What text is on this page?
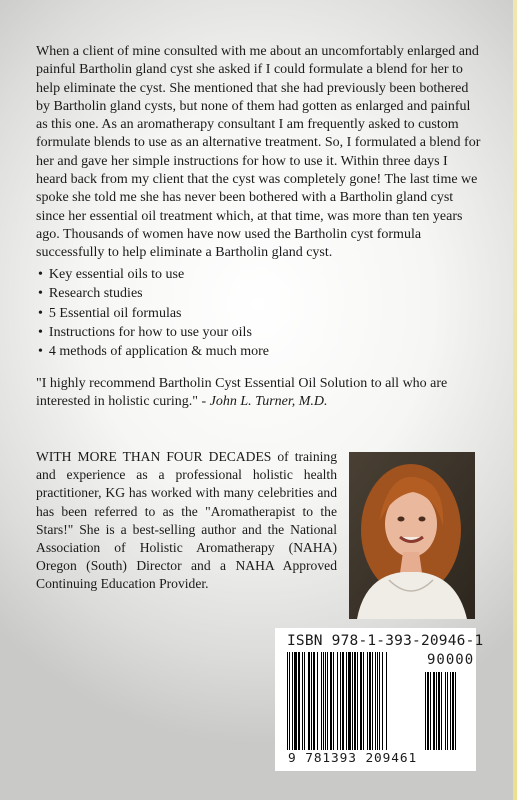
When a client of mine consulted with me about an uncomfortably enlarged and painful Bartholin gland cyst she asked if I could formulate a blend for her to help eliminate the cyst. She mentioned that she had previously been bothered by Bartholin gland cysts, but none of them had gotten as enlarged and painful as this one. As an aromatherapy consultant I am frequently asked to custom formulate blends to use as an alternative treatment. So, I formulated a blend for her and gave her simple instructions for how to use it. Within three days I heard back from my client that the cyst was completely gone! The last time we spoke she told me she has never been bothered with a Bartholin gland cyst since her essential oil treatment which, at that time, was more than ten years ago. Thousands of women have now used the Bartholin cyst formula successfully to help eliminate a Bartholin gland cyst.

• Key essential oils to use
• Research studies
• 5 Essential oil formulas
• Instructions for how to use your oils
• 4 methods of application & much more

"I highly recommend Bartholin Cyst Essential Oil Solution to all who are interested in holistic curing." - John L. Turner, M.D.

WITH MORE THAN FOUR DECADES of training and experience as a professional holistic health practitioner, KG has worked with many celebrities and has been referred to as the "Aromatherapist to the Stars!" She is a best-selling author and the National Association of Holistic Aromatherapy (NAHA) Oregon (South) Director and a NAHA Approved Continuing Education Provider.

ISBN 978-1-393-20946-1
90000
9 781393 209461
